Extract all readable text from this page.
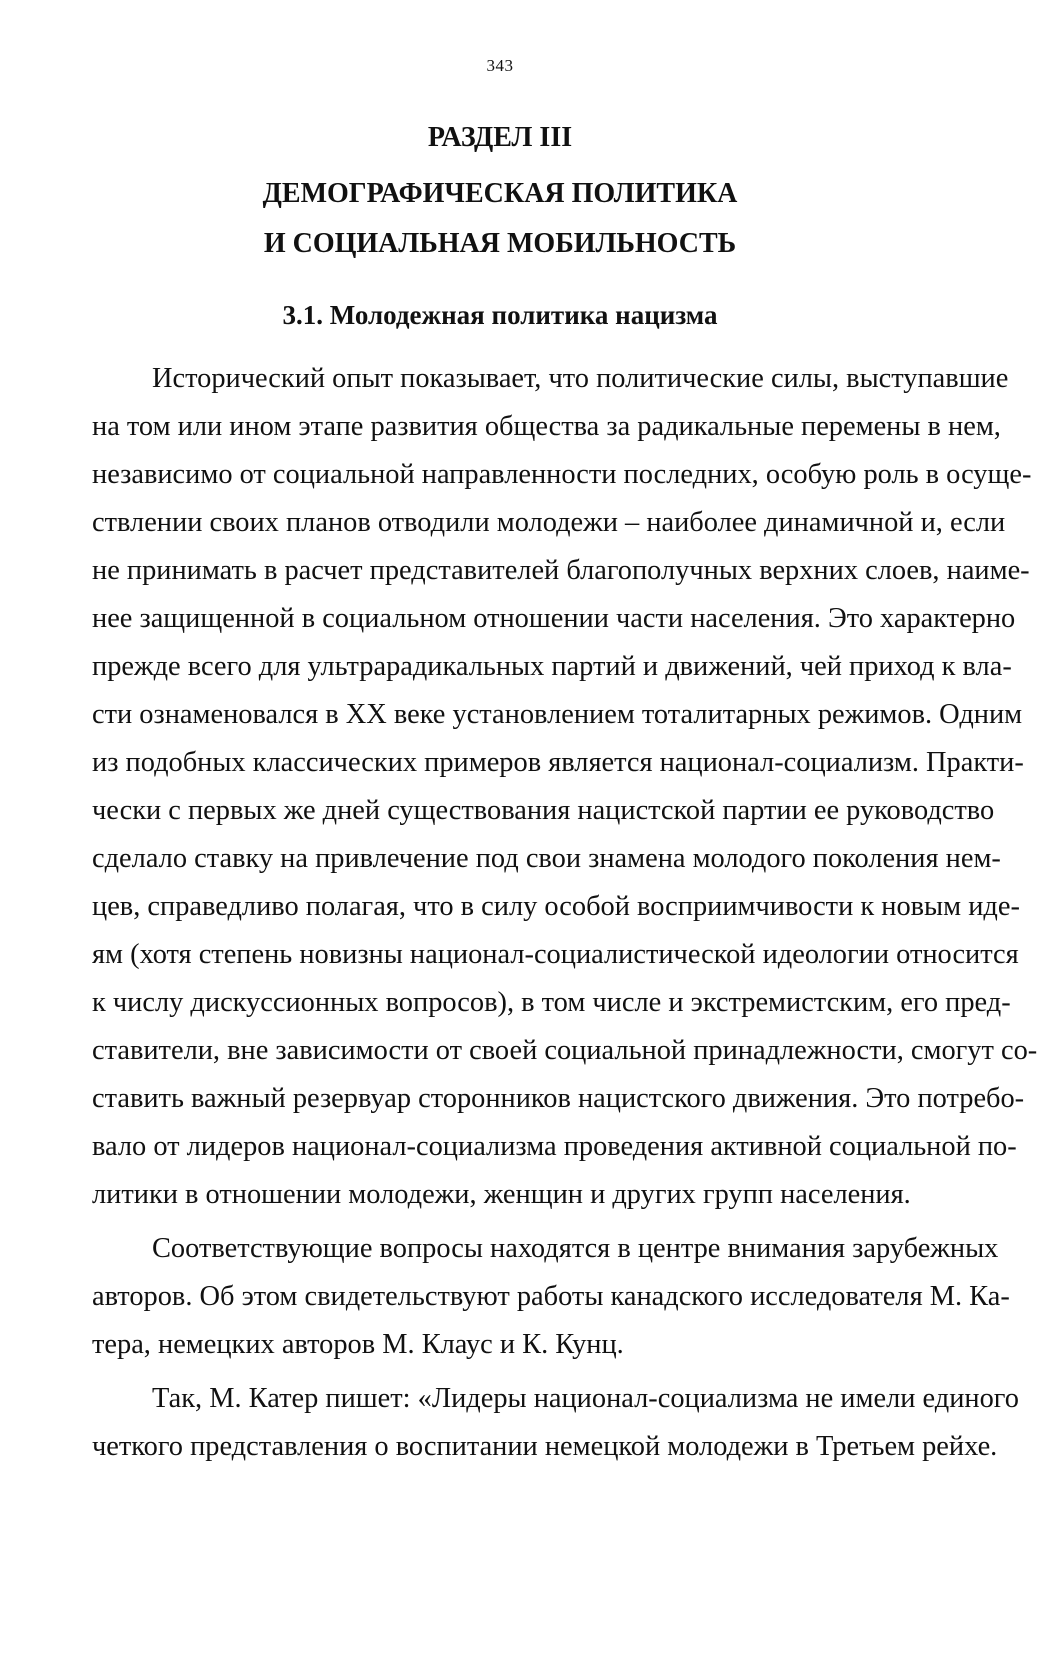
343
РАЗДЕЛ III
ДЕМОГРАФИЧЕСКАЯ ПОЛИТИКА
И СОЦИАЛЬНАЯ МОБИЛЬНОСТЬ
3.1. Молодежная политика нацизма
Исторический опыт показывает, что политические силы, выступавшие
на том или ином этапе развития общества за радикальные перемены в нем,
независимо от социальной направленности последних, особую роль в осуще-
ствлении своих планов отводили молодежи – наиболее динамичной и, если
не принимать в расчет представителей благополучных верхних слоев, наиме-
нее защищенной в социальном отношении части населения. Это характерно
прежде всего для ультрарадикальных партий и движений, чей приход к вла-
сти ознаменовался в XX веке установлением тоталитарных режимов. Одним
из подобных классических примеров является национал-социализм. Практи-
чески с первых же дней существования нацистской партии ее руководство
сделало ставку на привлечение под свои знамена молодого поколения нем-
цев, справедливо полагая, что в силу особой восприимчивости к новым иде-
ям (хотя степень новизны национал-социалистической идеологии относится
к числу дискуссионных вопросов), в том числе и экстремистским, его пред-
ставители, вне зависимости от своей социальной принадлежности, смогут со-
ставить важный резервуар сторонников нацистского движения. Это потребо-
вало от лидеров национал-социализма проведения активной социальной по-
литики в отношении молодежи, женщин и других групп населения.
Соответствующие вопросы находятся в центре внимания зарубежных
авторов. Об этом свидетельствуют работы канадского исследователя М. Ка-
тера, немецких авторов М. Клаус и К. Кунц.
Так, М. Катер пишет: «Лидеры национал-социализма не имели единого
четкого представления о воспитании немецкой молодежи в Третьем рейхе.
